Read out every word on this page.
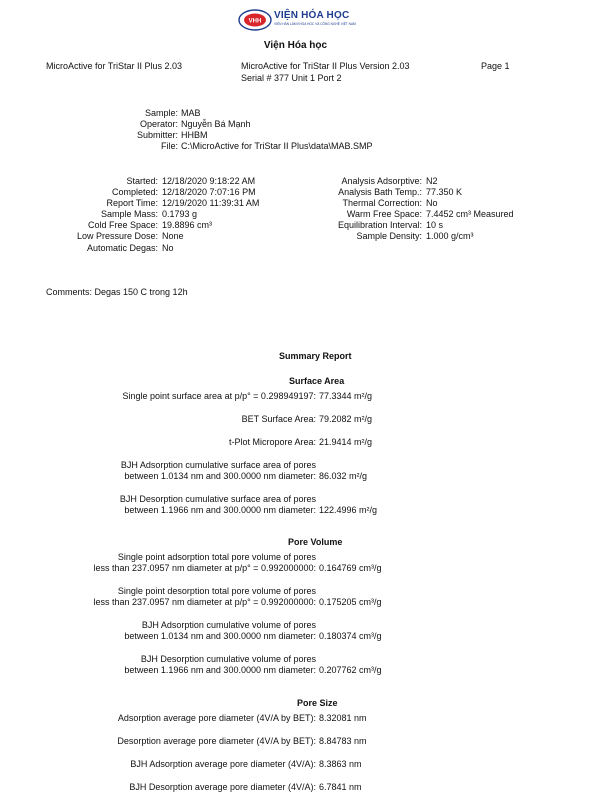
VHH
VIỆN HÓA HỌC
VIỆN HÀN LÂM KHOA HỌC VÀ CÔNG NGHỆ VIỆT NAM
Viện Hóa học
MicroActive for TriStar II Plus 2.03	MicroActive for TriStar II Plus Version 2.03	Page 1
Serial # 377 Unit 1 Port 2
Sample: MAB
Operator: Nguyễn Bá Mạnh
Submitter: HHBM
File: C:\MicroActive for TriStar II Plus\data\MAB.SMP
Started: 12/18/2020 9:18:22 AM
Completed: 12/18/2020 7:07:16 PM
Report Time: 12/19/2020 11:39:31 AM
Sample Mass: 0.1793 g
Cold Free Space: 19.8896 cm³
Low Pressure Dose: None
Automatic Degas: No
Analysis Adsorptive: N2
Analysis Bath Temp.: 77.350 K
Thermal Correction: No
Warm Free Space: 7.4452 cm³ Measured
Equilibration Interval: 10 s
Sample Density: 1.000 g/cm³
Comments: Degas 150 C trong 12h
Summary Report
Surface Area
Single point surface area at p/p° = 0.298949197: 77.3344 m²/g
BET Surface Area: 79.2082 m²/g
t-Plot Micropore Area: 21.9414 m²/g
BJH Adsorption cumulative surface area of pores
between 1.0134 nm and 300.0000 nm diameter: 86.032 m²/g
BJH Desorption cumulative surface area of pores
between 1.1966 nm and 300.0000 nm diameter: 122.4996 m²/g
Pore Volume
Single point adsorption total pore volume of pores
less than 237.0957 nm diameter at p/p° = 0.992000000: 0.164769 cm³/g
Single point desorption total pore volume of pores
less than 237.0957 nm diameter at p/p° = 0.992000000: 0.175205 cm³/g
BJH Adsorption cumulative volume of pores
between 1.0134 nm and 300.0000 nm diameter: 0.180374 cm³/g
BJH Desorption cumulative volume of pores
between 1.1966 nm and 300.0000 nm diameter: 0.207762 cm³/g
Pore Size
Adsorption average pore diameter (4V/A by BET): 8.32081 nm
Desorption average pore diameter (4V/A by BET): 8.84783 nm
BJH Adsorption average pore diameter (4V/A): 8.3863 nm
BJH Desorption average pore diameter (4V/A): 6.7841 nm
